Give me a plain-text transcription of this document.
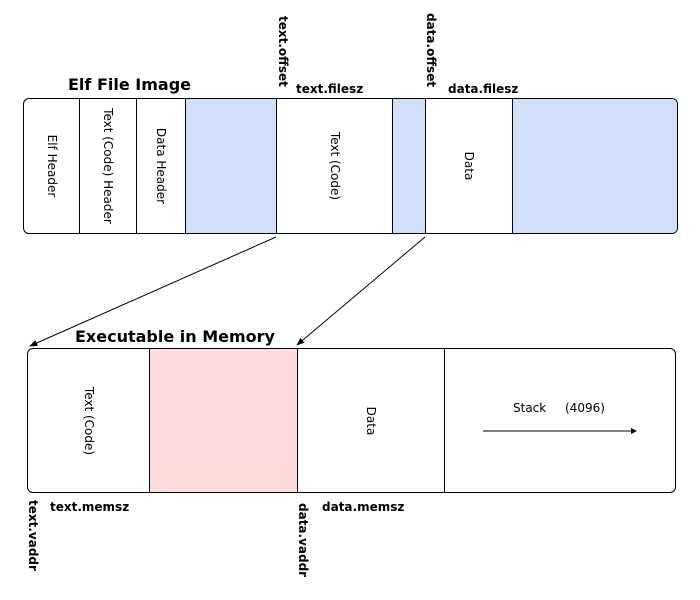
Elf File Image	text.offset
text.filesz
data.offset
data.filesz
Elf Header	Text (Code) Header	Data Header	Text (Code)	Data
Executable in Memory
Text (Code)	Data	Stack (4096)
text.vaddr text.memsz	data.vaddr data.memsz
